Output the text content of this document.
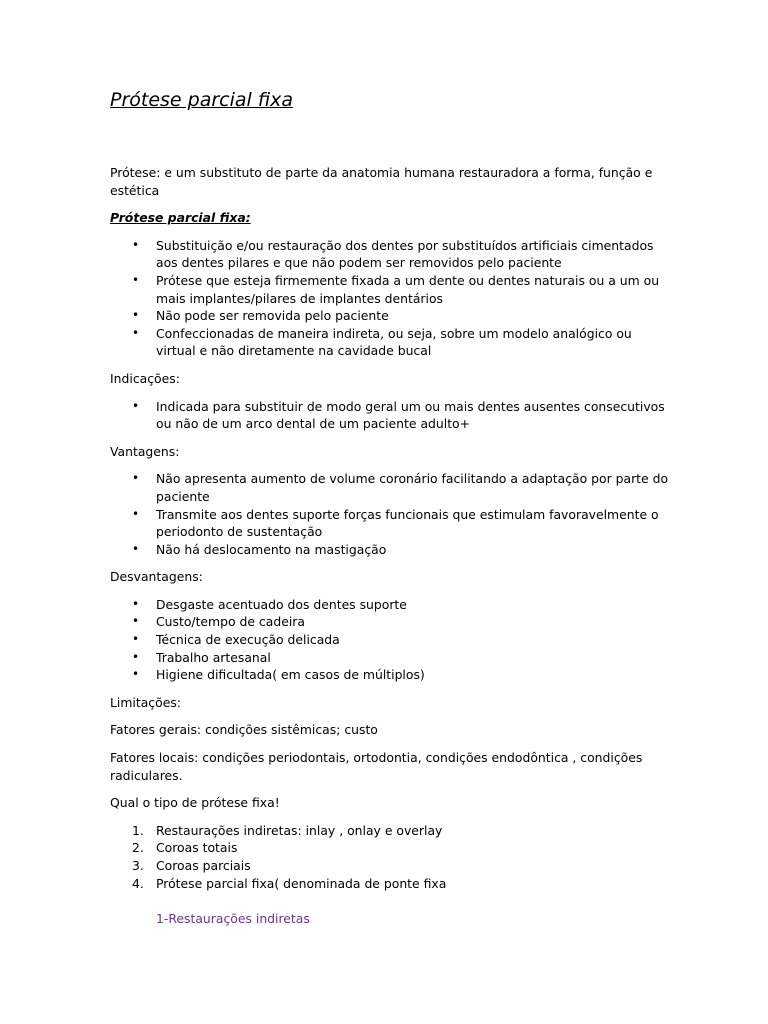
Prótese parcial fixa

Prótese: e um substituto de parte da anatomia humana restauradora a forma, função e estética

Prótese parcial fixa:

• Substituição e/ou restauração dos dentes por substituídos artificiais cimentados aos dentes pilares e que não podem ser removidos pelo paciente
• Prótese que esteja firmemente fixada a um dente ou dentes naturais ou a um ou mais implantes/pilares de implantes dentários
• Não pode ser removida pelo paciente
• Confeccionadas de maneira indireta, ou seja, sobre um modelo analógico ou virtual e não diretamente na cavidade bucal

Indicações:

• Indicada para substituir de modo geral um ou mais dentes ausentes consecutivos ou não de um arco dental de um paciente adulto+

Vantagens:

• Não apresenta aumento de volume coronário facilitando a adaptação por parte do paciente
• Transmite aos dentes suporte forças funcionais que estimulam favoravelmente o periodonto de sustentação
• Não há deslocamento na mastigação

Desvantagens:

• Desgaste acentuado dos dentes suporte
• Custo/tempo de cadeira
• Técnica de execução delicada
• Trabalho artesanal
• Higiene dificultada( em casos de múltiplos)

Limitações:

Fatores gerais: condições sistêmicas; custo

Fatores locais: condições periodontais, ortodontia, condições endodôntica , condições radiculares.

Qual o tipo de prótese fixa!

1. Restaurações indiretas: inlay , onlay e overlay
2. Coroas totais
3. Coroas parciais
4. Prótese parcial fixa( denominada de ponte fixa

1-Restaurações indiretas
